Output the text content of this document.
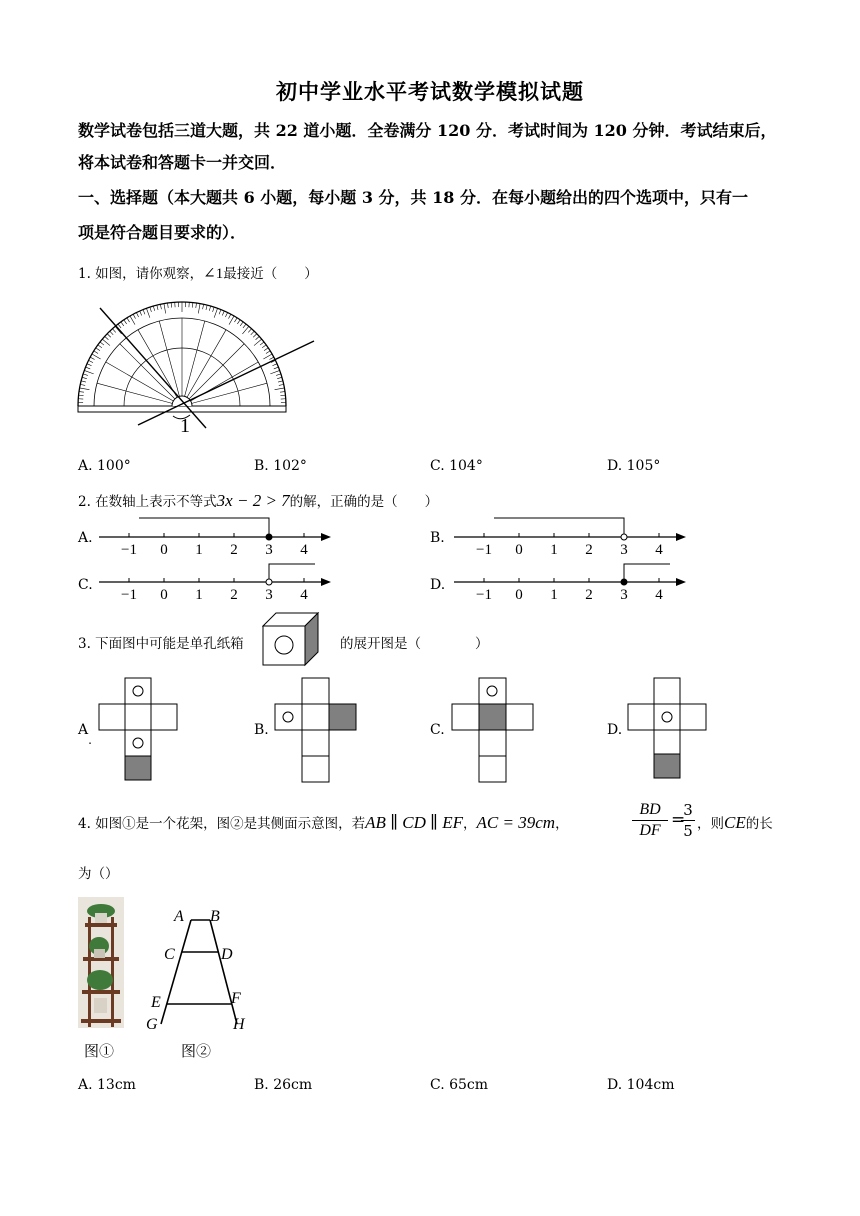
初中学业水平考试数学模拟试题
数学试卷包括三道大题，共 22 道小题．全卷满分 120 分．考试时间为 120 分钟．考试结束后，
将本试卷和答题卡一并交回．
一、选择题（本大题共 6 小题，每小题 3 分，共 18 分．在每小题给出的四个选项中，只有一
项是符合题目要求的）．
1. 如图，请你观察，∠1最接近（　　）
1
A. 100°	B. 102°	C. 104°	D. 105°
2. 在数轴上表示不等式3x − 2 > 7的解，正确的是（　　）
A.	B.
C.	D.
−1 0 1 2 3 4	−1 0 1 2 3 4
−1 0 1 2 3 4	−1 0 1 2 3 4
3. 下面图中可能是单孔纸箱	的展开图是（　　　　）
A.
B.	C.	D.
4. 如图①是一个花架，图②是其侧面示意图，若AB ∥ CD ∥ EF，AC = 39cm，
BD
DF
=
3
5 ，则CE的长
为（）
A B
C	D
E	F
G	H
图①	图②
A. 13cm	B. 26cm	C. 65cm	D. 104cm
